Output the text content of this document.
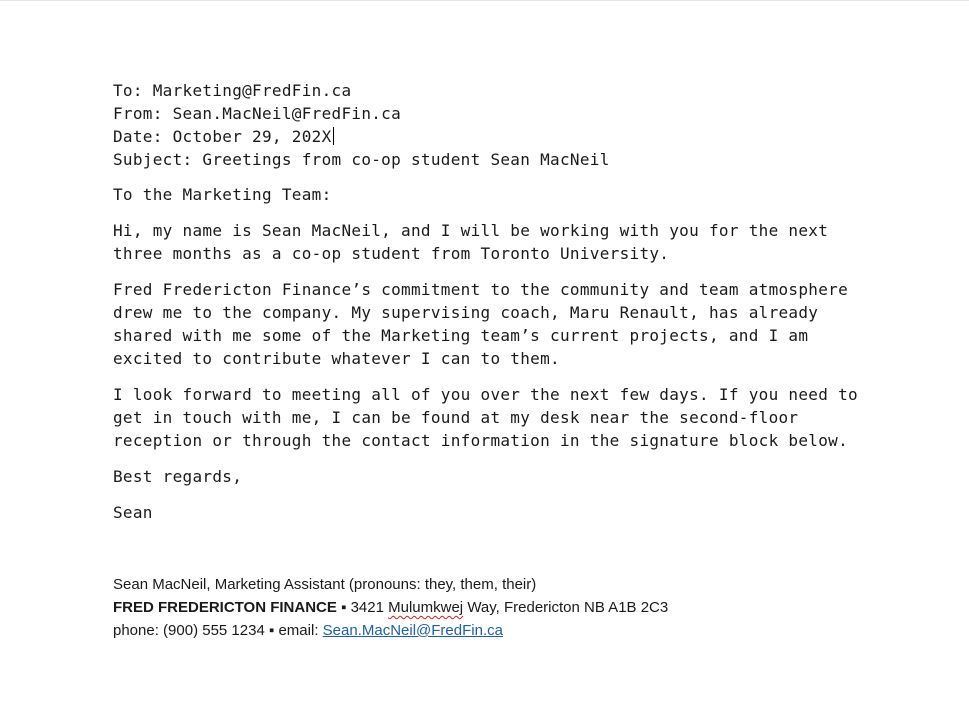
To: Marketing@FredFin.ca
From: Sean.MacNeil@FredFin.ca
Date: October 29, 202X
Subject: Greetings from co-op student Sean MacNeil
To the Marketing Team:
Hi, my name is Sean MacNeil, and I will be working with you for the next three months as a co-op student from Toronto University.
Fred Fredericton Finance’s commitment to the community and team atmosphere drew me to the company. My supervising coach, Maru Renault, has already shared with me some of the Marketing team’s current projects, and I am excited to contribute whatever I can to them.
I look forward to meeting all of you over the next few days. If you need to get in touch with me, I can be found at my desk near the second-floor reception or through the contact information in the signature block below.
Best regards,
Sean
Sean MacNeil, Marketing Assistant (pronouns: they, them, their)
FRED FREDERICTON FINANCE ▪ 3421 Mulumkwej Way, Fredericton NB A1B 2C3
phone: (900) 555 1234 ▪ email: Sean.MacNeil@FredFin.ca
